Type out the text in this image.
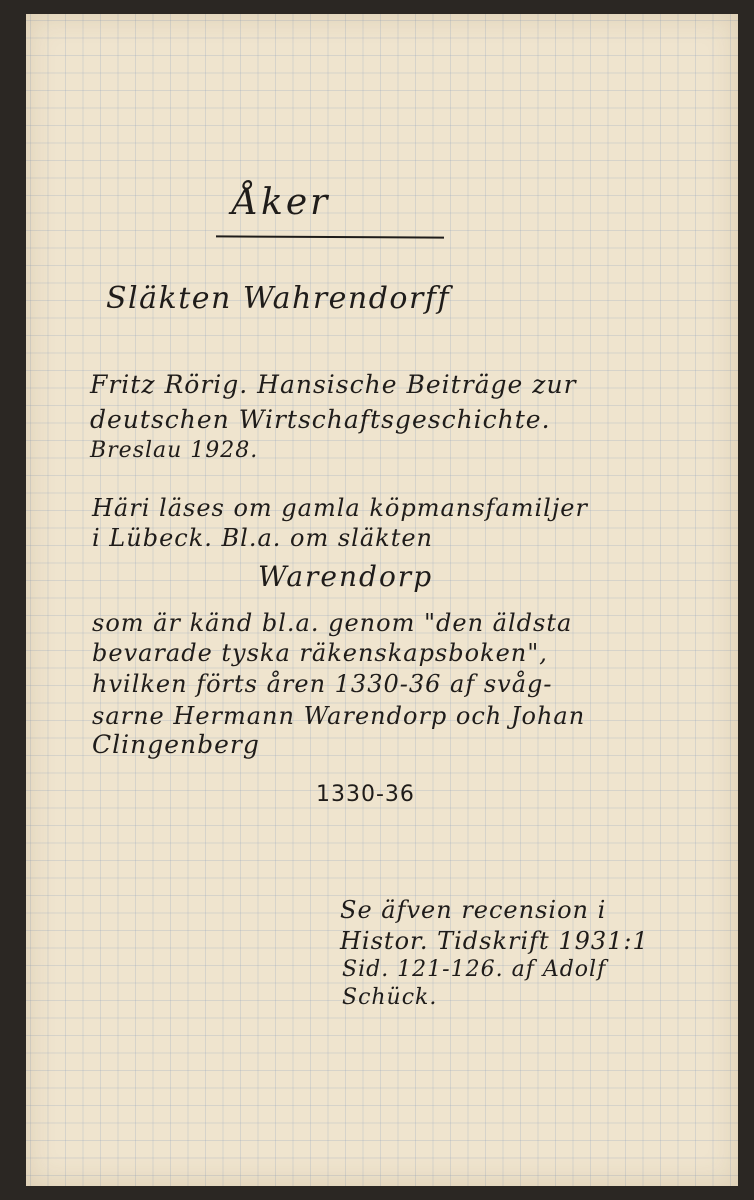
Åker
Släkten Wahrendorff
Fritz Rörig. Hansische Beiträge zur
deutschen Wirtschaftsgeschichte.
Breslau 1928.
Häri läses om gamla köpmansfamiljer
i Lübeck. Bl.a. om släkten
Warendorp
som är känd bl.a. genom "den äldsta
bevarade tyska räkenskapsboken",
hvilken förts åren 1330-36 af svåg-
sarne Hermann Warendorp och Johan
Clingenberg
1330-36
Se äfven recension i
Histor. Tidskrift 1931:1
Sid. 121-126. af Adolf
Schück.
